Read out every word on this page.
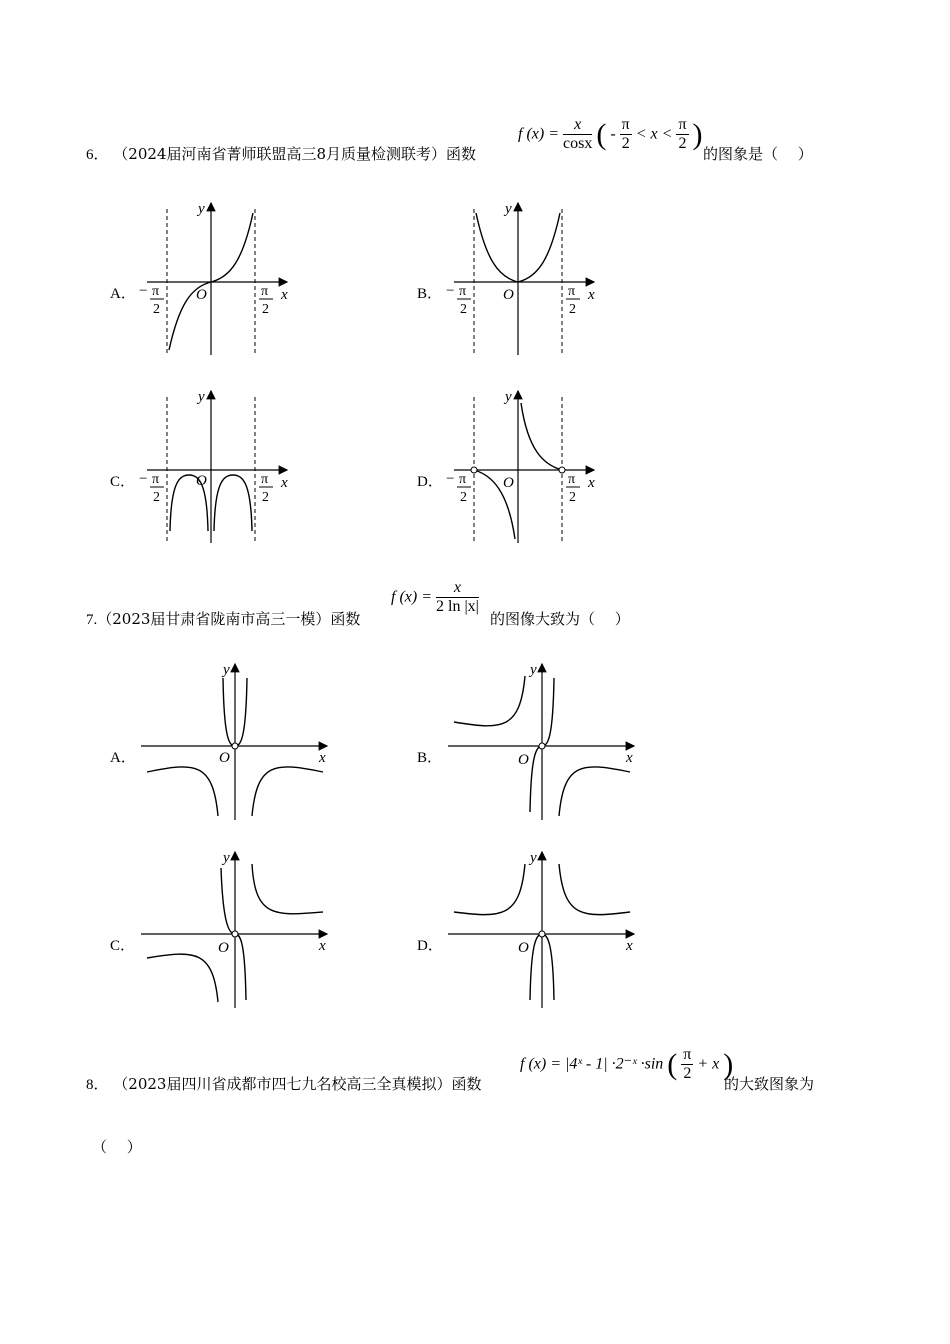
6． （2024届河南省菁师联盟高三8月质量检测联考）函数
f $(x) = \frac{x}{\cos x}$ ( - $\frac{\pi}{2} < x < \frac{\pi}{2}$ )
的图象是（　 ）
A．	B．
C．	D．
y
x
O
− π
2
π
2
y
x
O
− π
2
π
2
y
x
O
− π
2
π
2
y
x
O
− π
2
π
2
7.（2023届甘肃省陇南市高三一模）函数
f $(x) = \frac{x}{2 \ln |x|}$
的图像大致为（　 ）
A．	B．
C．	D．
y
x
O
y
x
O
y
x
O
y
x
O
8． （2023届四川省成都市四七九名校高三全真模拟）函数
f (x) = |4ˣ - 1| ·2⁻ˣ ·sin ( $\frac{\pi}{2} + x$ )
的大致图象为
（　 ）
